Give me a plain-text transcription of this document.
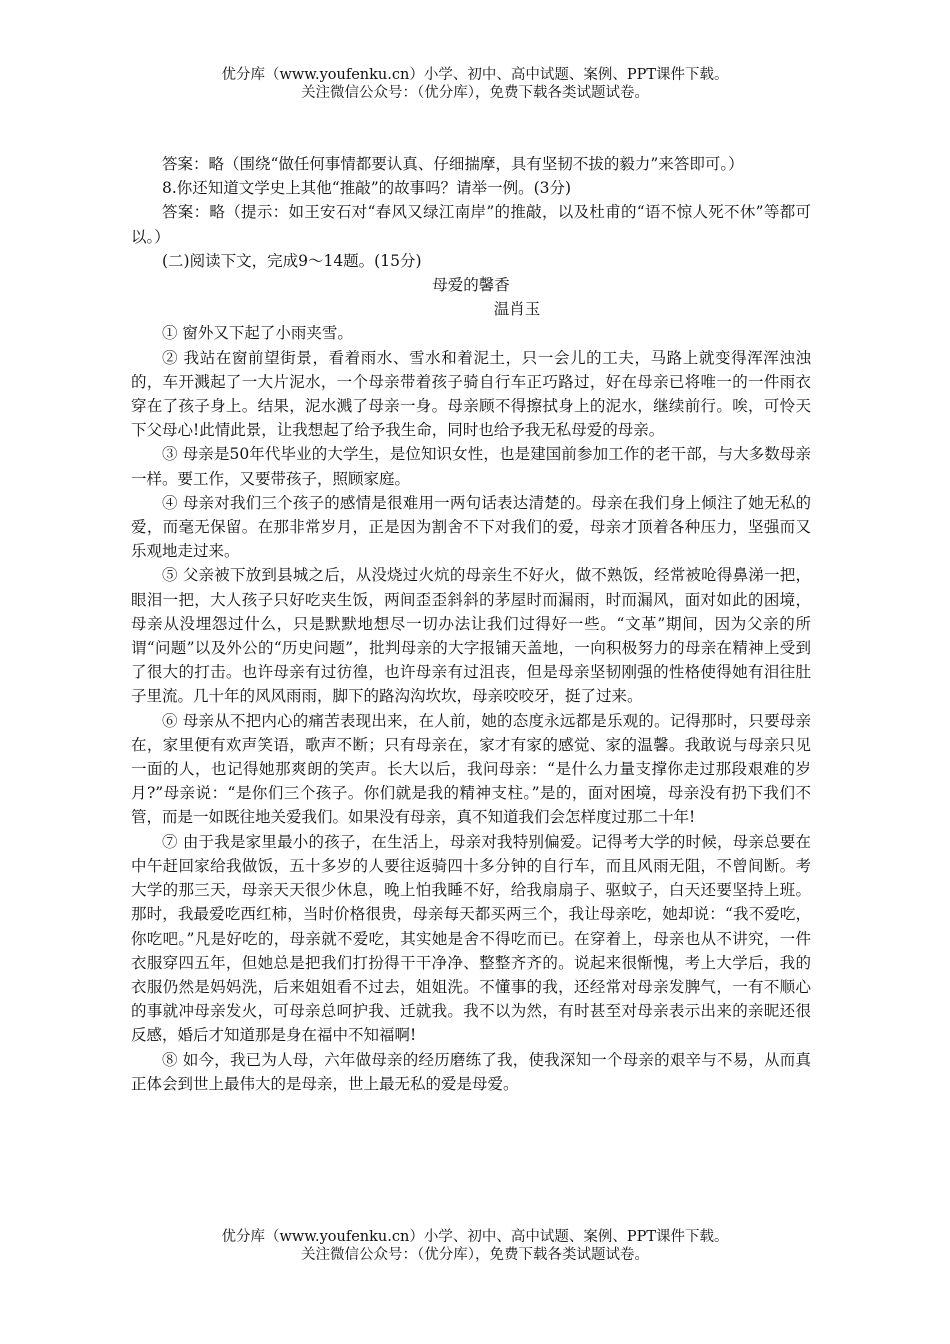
优分库（www.youfenku.cn）小学、初中、高中试题、案例、PPT课件下载。
关注微信公众号：（优分库），免费下载各类试题试卷。

答案：略（围绕“做任何事情都要认真、仔细揣摩，具有坚韧不拔的毅力”来答即可。）

8.你还知道文学史上其他“推敲”的故事吗？请举一例。(3分)

答案：略（提示：如王安石对“春风又绿江南岸”的推敲，以及杜甫的“语不惊人死不休”等都可以。）

(二)阅读下文，完成9～14题。(15分)

母爱的馨香

温肖玉

① 窗外又下起了小雨夹雪。

② 我站在窗前望街景，看着雨水、雪水和着泥土，只一会儿的工夫，马路上就变得浑浑浊浊的，车开溅起了一大片泥水，一个母亲带着孩子骑自行车正巧路过，好在母亲已将唯一的一件雨衣穿在了孩子身上。结果，泥水溅了母亲一身。母亲顾不得擦拭身上的泥水，继续前行。唉，可怜天下父母心!此情此景，让我想起了给予我生命，同时也给予我无私母爱的母亲。

③ 母亲是50年代毕业的大学生，是位知识女性，也是建国前参加工作的老干部，与大多数母亲一样。要工作，又要带孩子，照顾家庭。

④ 母亲对我们三个孩子的感情是很难用一两句话表达清楚的。母亲在我们身上倾注了她无私的爱，而毫无保留。在那非常岁月，正是因为割舍不下对我们的爱，母亲才顶着各种压力，坚强而又乐观地走过来。

⑤ 父亲被下放到县城之后，从没烧过火炕的母亲生不好火，做不熟饭，经常被呛得鼻涕一把，眼泪一把，大人孩子只好吃夹生饭，两间歪歪斜斜的茅屋时而漏雨，时而漏风，面对如此的困境，母亲从没埋怨过什么，只是默默地想尽一切办法让我们过得好一些。“文革”期间，因为父亲的所谓“问题”以及外公的“历史问题”，批判母亲的大字报铺天盖地，一向积极努力的母亲在精神上受到了很大的打击。也许母亲有过彷徨，也许母亲有过沮丧，但是母亲坚韧刚强的性格使得她有泪往肚子里流。几十年的风风雨雨，脚下的路沟沟坎坎，母亲咬咬牙，挺了过来。

⑥ 母亲从不把内心的痛苦表现出来，在人前，她的态度永远都是乐观的。记得那时，只要母亲在，家里便有欢声笑语，歌声不断；只有母亲在，家才有家的感觉、家的温馨。我敢说与母亲只见一面的人，也记得她那爽朗的笑声。长大以后，我问母亲：“是什么力量支撑你走过那段艰难的岁月?”母亲说：“是你们三个孩子。你们就是我的精神支柱。”是的，面对困境，母亲没有扔下我们不管，而是一如既往地关爱我们。如果没有母亲，真不知道我们会怎样度过那二十年!

⑦ 由于我是家里最小的孩子，在生活上，母亲对我特别偏爱。记得考大学的时候，母亲总要在中午赶回家给我做饭，五十多岁的人要往返骑四十多分钟的自行车，而且风雨无阻，不曾间断。考大学的那三天，母亲天天很少休息，晚上怕我睡不好，给我扇扇子、驱蚊子，白天还要坚持上班。那时，我最爱吃西红柿，当时价格很贵，母亲每天都买两三个，我让母亲吃，她却说：“我不爱吃，你吃吧。”凡是好吃的，母亲就不爱吃，其实她是舍不得吃而已。在穿着上，母亲也从不讲究，一件衣服穿四五年，但她总是把我们打扮得干干净净、整整齐齐的。说起来很惭愧，考上大学后，我的衣服仍然是妈妈洗，后来姐姐看不过去，姐姐洗。不懂事的我，还经常对母亲发脾气，一有不顺心的事就冲母亲发火，可母亲总呵护我、迁就我。我不以为然，有时甚至对母亲表示出来的亲昵还很反感，婚后才知道那是身在福中不知福啊!

⑧ 如今，我已为人母，六年做母亲的经历磨练了我，使我深知一个母亲的艰辛与不易，从而真正体会到世上最伟大的是母亲，世上最无私的爱是母爱。

优分库（www.youfenku.cn）小学、初中、高中试题、案例、PPT课件下载。
关注微信公众号：（优分库），免费下载各类试题试卷。
